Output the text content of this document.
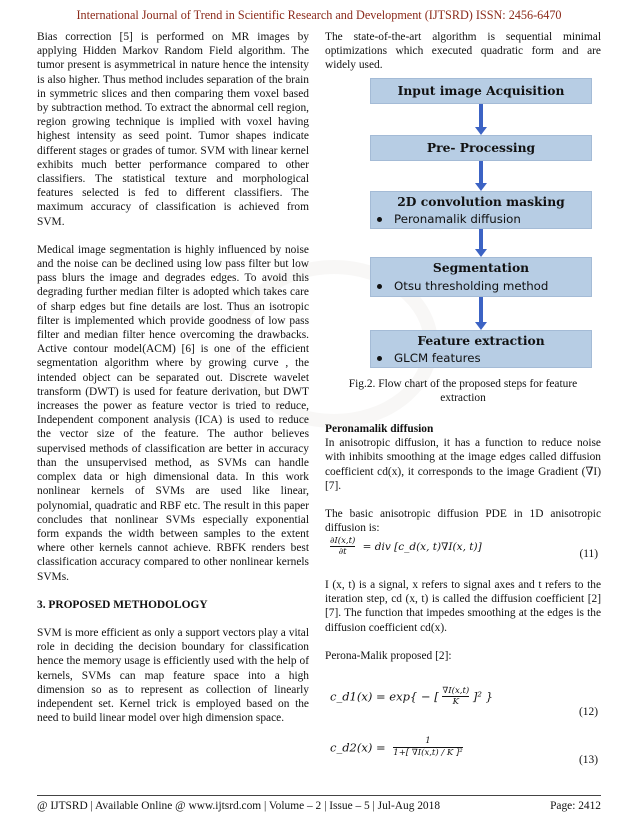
International Journal of Trend in Scientific Research and Development (IJTSRD) ISSN: 2456-6470

Bias correction [5] is performed on MR images by applying Hidden Markov Random Field algorithm. The tumor present is asymmetrical in nature hence the intensity is also higher. Thus method includes separation of the brain in symmetric slices and then comparing them voxel based by subtraction method. To extract the abnormal cell region, region growing technique is implied with voxel having highest intensity as seed point. Tumor shapes indicate different stages or grades of tumor. SVM with linear kernel exhibits much better performance compared to other classifiers. The statistical texture and morphological features selected is fed to different classifiers. The maximum accuracy of classification is achieved from SVM.

Medical image segmentation is highly influenced by noise and the noise can be declined using low pass filter but low pass blurs the image and degrades edges. To avoid this degrading further median filter is adopted which takes care of sharp edges but fine details are lost. Thus an isotropic filter is implemented which provide goodness of low pass filter and median filter hence overcoming the drawbacks. Active contour model(ACM) [6] is one of the efficient segmentation algorithm where by growing curve , the intended object can be separated out. Discrete wavelet transform (DWT) is used for feature derivation, but DWT increases the power as feature vector is tried to reduce, Independent component analysis (ICA) is used to reduce the vector size of the feature. The author believes supervised methods of classification are better in accuracy than the unsupervised method, as SVMs can handle complex data or high dimensional data. In this work nonlinear kernels of SVMs are used like linear, polynomial, quadratic and RBF etc. The result in this paper concludes that nonlinear SVMs especially exponential form expands the width between samples to the extent where other kernels cannot achieve. RBFK renders best classification accuracy compared to other nonlinear kernels SVMs.

3. PROPOSED METHODOLOGY

SVM is more efficient as only a support vectors play a vital role in deciding the decision boundary for classification hence the memory usage is efficiently used with the help of kernels, SVMs can map feature space into a high dimension so as to represent as collection of linearly independent set. Kernel trick is employed based on the need to build linear model over high dimension space.

The state-of-the-art algorithm is sequential minimal optimizations which executed quadratic form and are widely used.

Input image Acquisition
Pre- Processing
2D convolution masking
Peronamalik diffusion
Segmentation
Otsu thresholding method
Feature extraction
GLCM features
Fig.2. Flow chart of the proposed steps for feature extraction

Peronamalik diffusion

In anisotropic diffusion, it has a function to reduce noise with inhibits smoothing at the image edges called diffusion coefficient cd(x), it corresponds to the image Gradient (∇I) [7].

The basic anisotropic diffusion PDE in 1D anisotropic diffusion is:

$\frac{\partial I(x,t)}{\partial t}$ = div [c_d(x, t)∇I(x, t)]
(11)

I (x, t) is a signal, x refers to signal axes and t refers to the iteration step, cd (x, t) is called the diffusion coefficient [2] [7]. The function that impedes smoothing at the edges is the diffusion coefficient cd(x).

Perona-Malik proposed [2]:

c_d1(x) = exp{ − [ $\frac{\nabla I(x,t)}{K} ]^2$ }
(12)
c_d2(x) = $\frac{1}{\text{1+[ ∇I(x,t) / K ]²}}$
(13)
@ IJTSRD | Available Online @ www.ijtsrd.com | Volume – 2 | Issue – 5 | Jul-Aug 2018	Page: 2412
